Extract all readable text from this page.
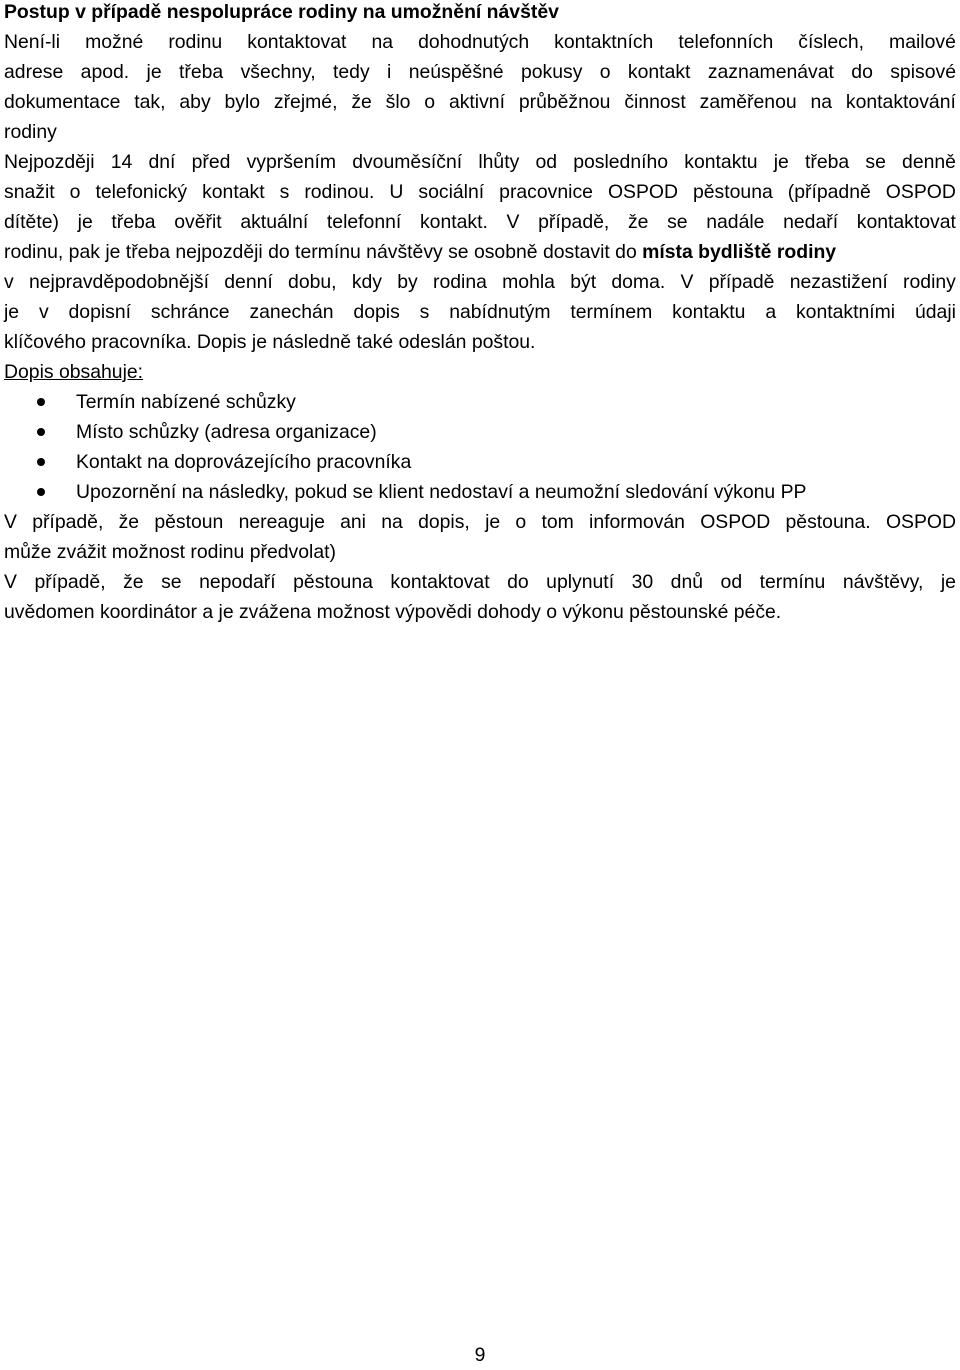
Postup v případě nespolupráce rodiny na umožnění návštěv
Není-li možné rodinu kontaktovat na dohodnutých kontaktních telefonních číslech, mailové
adrese apod. je třeba všechny, tedy i neúspěšné pokusy o kontakt zaznamenávat do spisové
dokumentace tak, aby bylo zřejmé, že šlo o aktivní průběžnou činnost zaměřenou na kontaktování
rodiny
Nejpozději 14 dní před vypršením dvouměsíční lhůty od posledního kontaktu je třeba se denně
snažit o telefonický kontakt s rodinou. U sociální pracovnice OSPOD pěstouna (případně OSPOD
dítěte) je třeba ověřit aktuální telefonní kontakt. V případě, že se nadále nedaří kontaktovat
rodinu, pak je třeba nejpozději do termínu návštěvy se osobně dostavit do místa bydliště rodiny
v nejpravděpodobnější denní dobu, kdy by rodina mohla být doma. V případě nezastižení rodiny
je v dopisní schránce zanechán dopis s nabídnutým termínem kontaktu a kontaktními údaji
klíčového pracovníka. Dopis je následně také odeslán poštou.
Dopis obsahuje:
Termín nabízené schůzky
Místo schůzky (adresa organizace)
Kontakt na doprovázejícího pracovníka
Upozornění na následky, pokud se klient nedostaví a neumožní sledování výkonu PP
V případě, že pěstoun nereaguje ani na dopis, je o tom informován OSPOD pěstouna. OSPOD
může zvážit možnost rodinu předvolat)
V případě, že se nepodaří pěstouna kontaktovat do uplynutí 30 dnů od termínu návštěvy, je
uvědomen koordinátor a je zvážena možnost výpovědi dohody o výkonu pěstounské péče.
9
